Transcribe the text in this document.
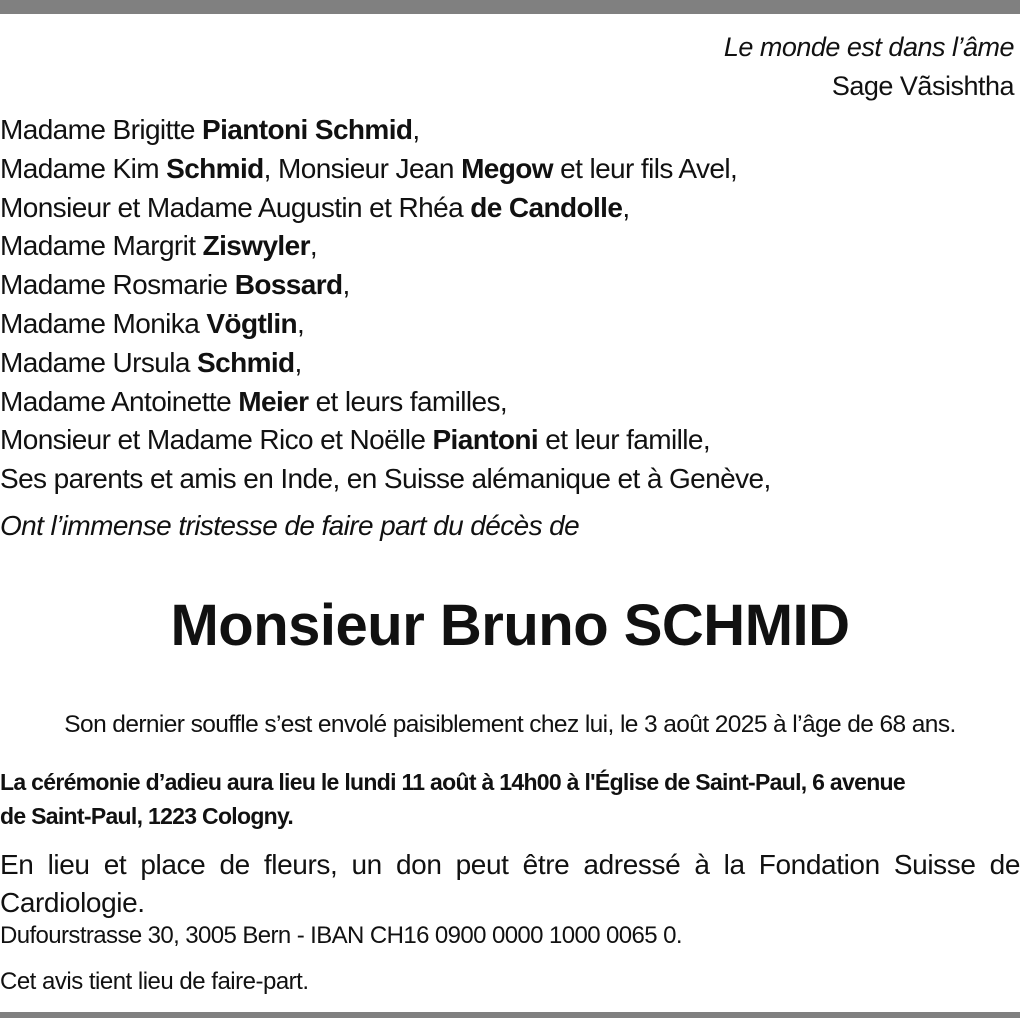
Le monde est dans l’âme
Sage Vãsishtha
Madame Brigitte Piantoni Schmid,
Madame Kim Schmid, Monsieur Jean Megow et leur fils Avel,
Monsieur et Madame Augustin et Rhéa de Candolle,
Madame Margrit Ziswyler,
Madame Rosmarie Bossard,
Madame Monika Vögtlin,
Madame Ursula Schmid,
Madame Antoinette Meier et leurs familles,
Monsieur et Madame Rico et Noëlle Piantoni et leur famille,
Ses parents et amis en Inde, en Suisse alémanique et à Genève,
Ont l’immense tristesse de faire part du décès de
Monsieur Bruno SCHMID
Son dernier souffle s’est envolé paisiblement chez lui, le 3 août 2025 à l’âge de 68 ans.
La cérémonie d’adieu aura lieu le lundi 11 août à 14h00 à l'Église de Saint-Paul, 6 avenue
de Saint-Paul, 1223 Cologny.
En lieu et place de fleurs, un don peut être adressé à la Fondation Suisse de Cardiologie.
Dufourstrasse 30, 3005 Bern - IBAN CH16 0900 0000 1000 0065 0.
Cet avis tient lieu de faire-part.
